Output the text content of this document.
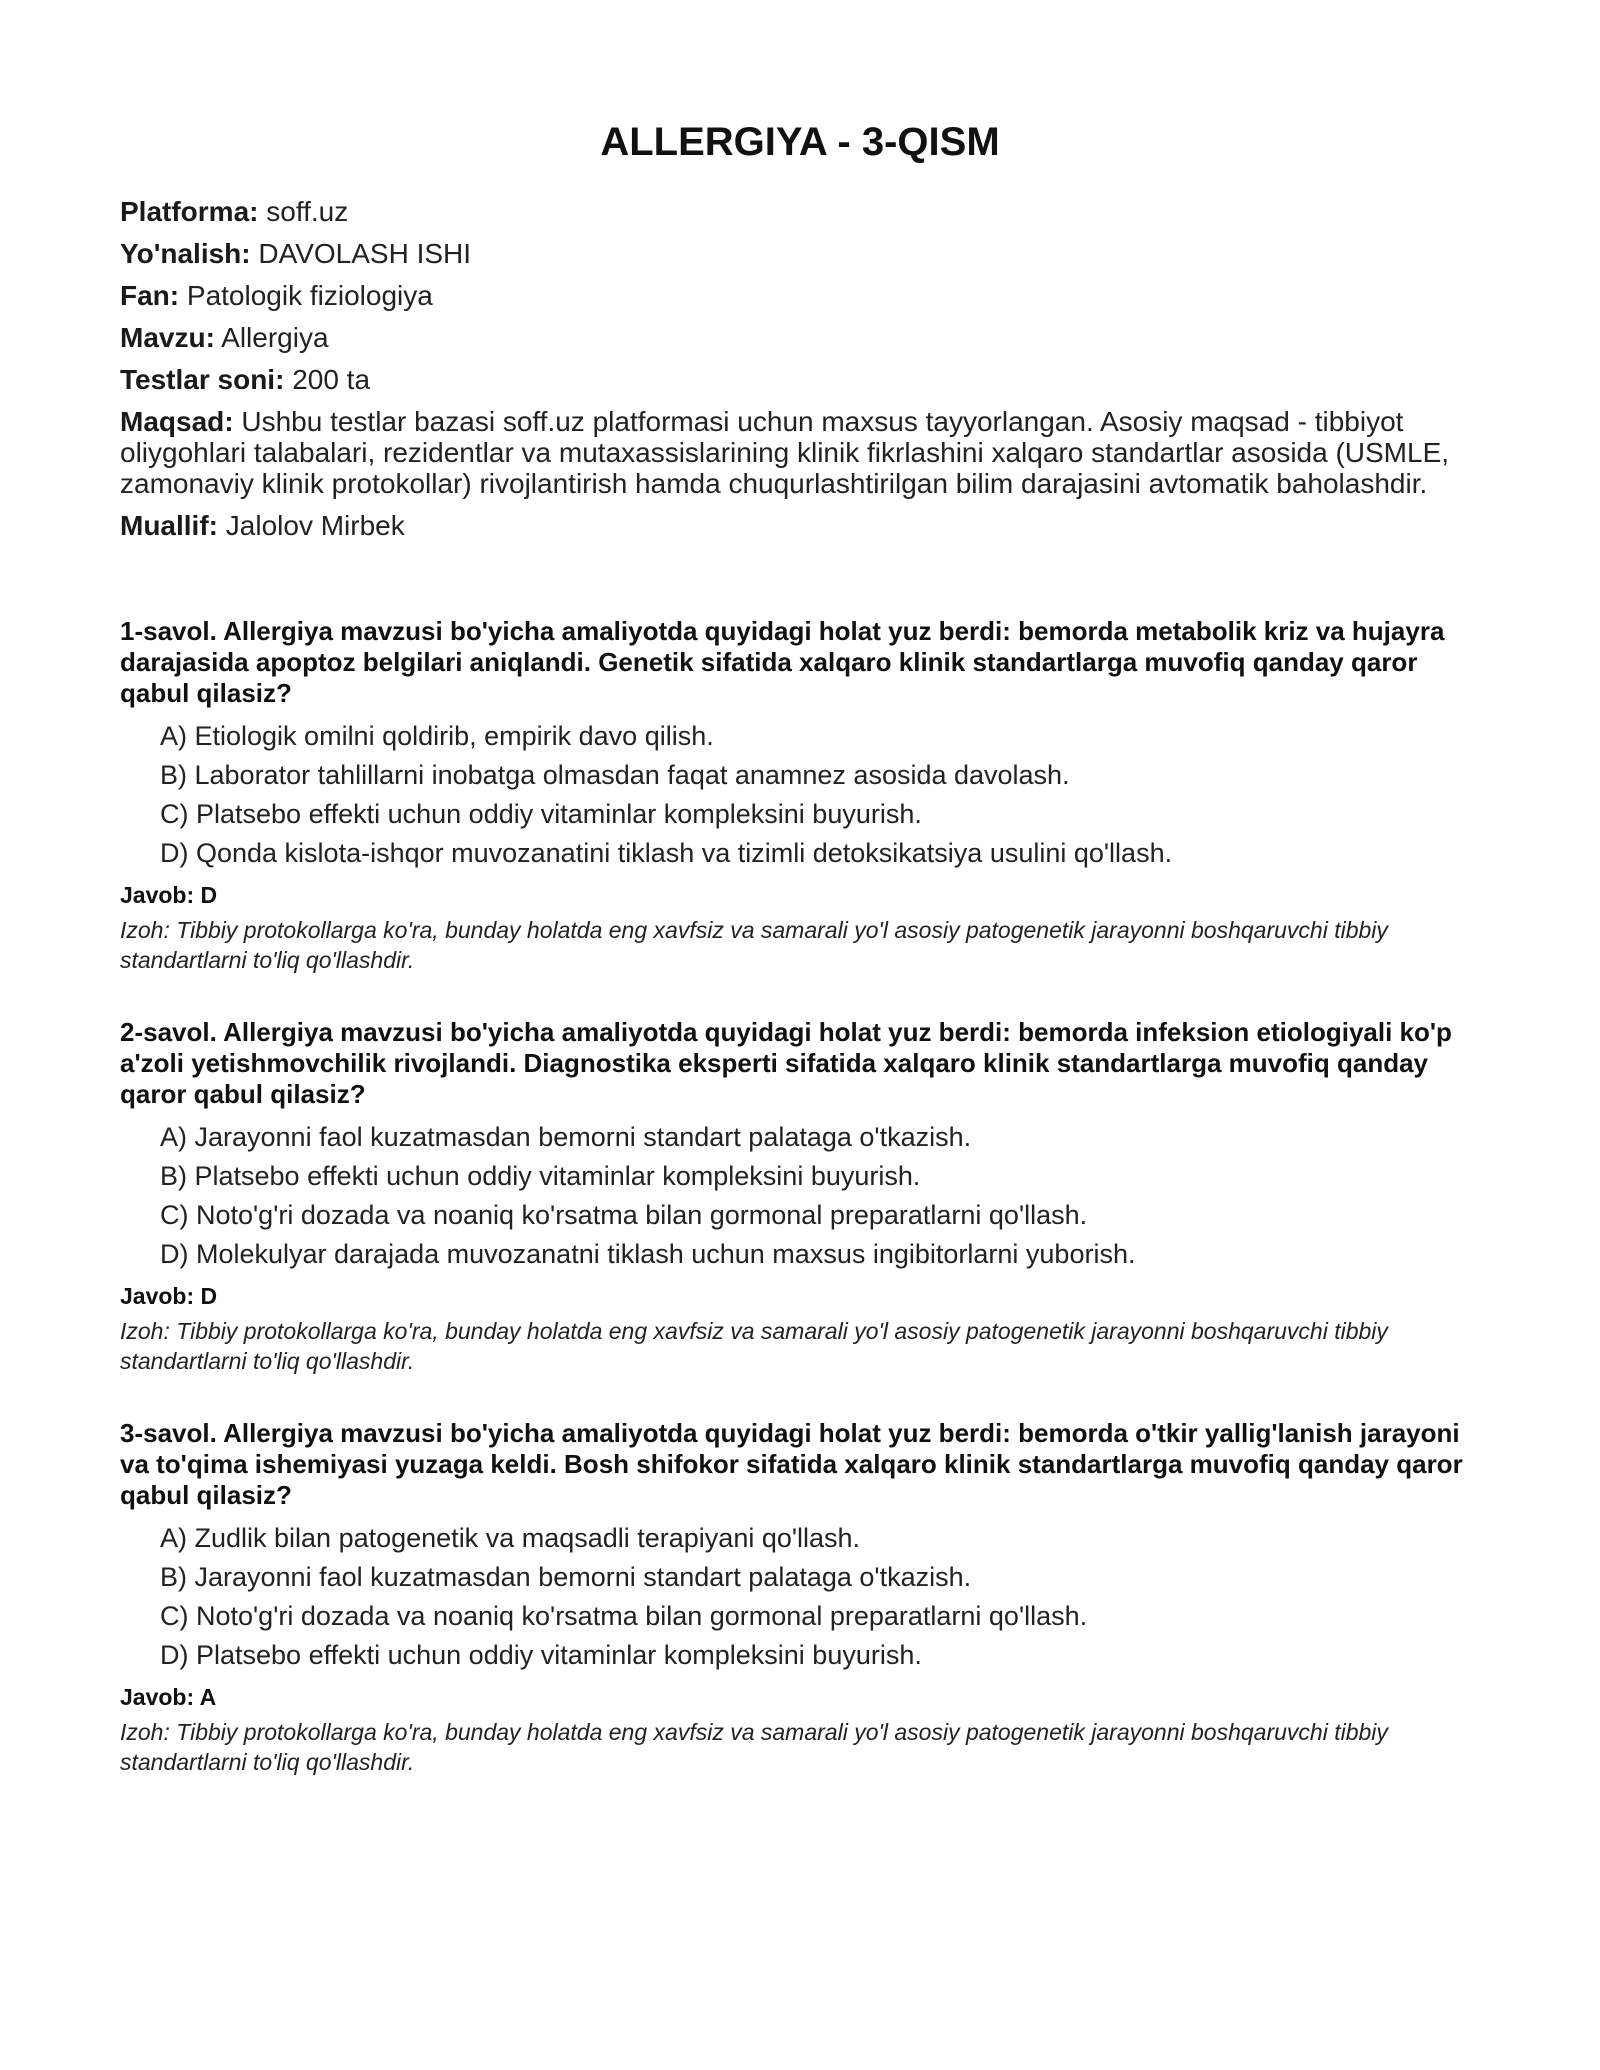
ALLERGIYA - 3-QISM

Platforma: soff.uz

Yo'nalish: DAVOLASH ISHI

Fan: Patologik fiziologiya

Mavzu: Allergiya

Testlar soni: 200 ta

Maqsad: Ushbu testlar bazasi soff.uz platformasi uchun maxsus tayyorlangan. Asosiy maqsad - tibbiyot oliygohlari talabalari, rezidentlar va mutaxassislarining klinik fikrlashini xalqaro standartlar asosida (USMLE, zamonaviy klinik protokollar) rivojlantirish hamda chuqurlashtirilgan bilim darajasini avtomatik baholashdir.

Muallif: Jalolov Mirbek

1-savol. Allergiya mavzusi bo'yicha amaliyotda quyidagi holat yuz berdi: bemorda metabolik kriz va hujayra darajasida apoptoz belgilari aniqlandi. Genetik sifatida xalqaro klinik standartlarga muvofiq qanday qaror qabul qilasiz?

A) Etiologik omilni qoldirib, empirik davo qilish.
B) Laborator tahlillarni inobatga olmasdan faqat anamnez asosida davolash.
C) Platsebo effekti uchun oddiy vitaminlar kompleksini buyurish.
D) Qonda kislota-ishqor muvozanatini tiklash va tizimli detoksikatsiya usulini qo'llash.

Javob: D

Izoh: Tibbiy protokollarga ko'ra, bunday holatda eng xavfsiz va samarali yo'l asosiy patogenetik jarayonni boshqaruvchi tibbiy standartlarni to'liq qo'llashdir.

2-savol. Allergiya mavzusi bo'yicha amaliyotda quyidagi holat yuz berdi: bemorda infeksion etiologiyali ko'p a'zoli yetishmovchilik rivojlandi. Diagnostika eksperti sifatida xalqaro klinik standartlarga muvofiq qanday qaror qabul qilasiz?

A) Jarayonni faol kuzatmasdan bemorni standart palataga o'tkazish.
B) Platsebo effekti uchun oddiy vitaminlar kompleksini buyurish.
C) Noto'g'ri dozada va noaniq ko'rsatma bilan gormonal preparatlarni qo'llash.
D) Molekulyar darajada muvozanatni tiklash uchun maxsus ingibitorlarni yuborish.

Javob: D

Izoh: Tibbiy protokollarga ko'ra, bunday holatda eng xavfsiz va samarali yo'l asosiy patogenetik jarayonni boshqaruvchi tibbiy standartlarni to'liq qo'llashdir.

3-savol. Allergiya mavzusi bo'yicha amaliyotda quyidagi holat yuz berdi: bemorda o'tkir yallig'lanish jarayoni va to'qima ishemiyasi yuzaga keldi. Bosh shifokor sifatida xalqaro klinik standartlarga muvofiq qanday qaror qabul qilasiz?

A) Zudlik bilan patogenetik va maqsadli terapiyani qo'llash.
B) Jarayonni faol kuzatmasdan bemorni standart palataga o'tkazish.
C) Noto'g'ri dozada va noaniq ko'rsatma bilan gormonal preparatlarni qo'llash.
D) Platsebo effekti uchun oddiy vitaminlar kompleksini buyurish.

Javob: A

Izoh: Tibbiy protokollarga ko'ra, bunday holatda eng xavfsiz va samarali yo'l asosiy patogenetik jarayonni boshqaruvchi tibbiy standartlarni to'liq qo'llashdir.
